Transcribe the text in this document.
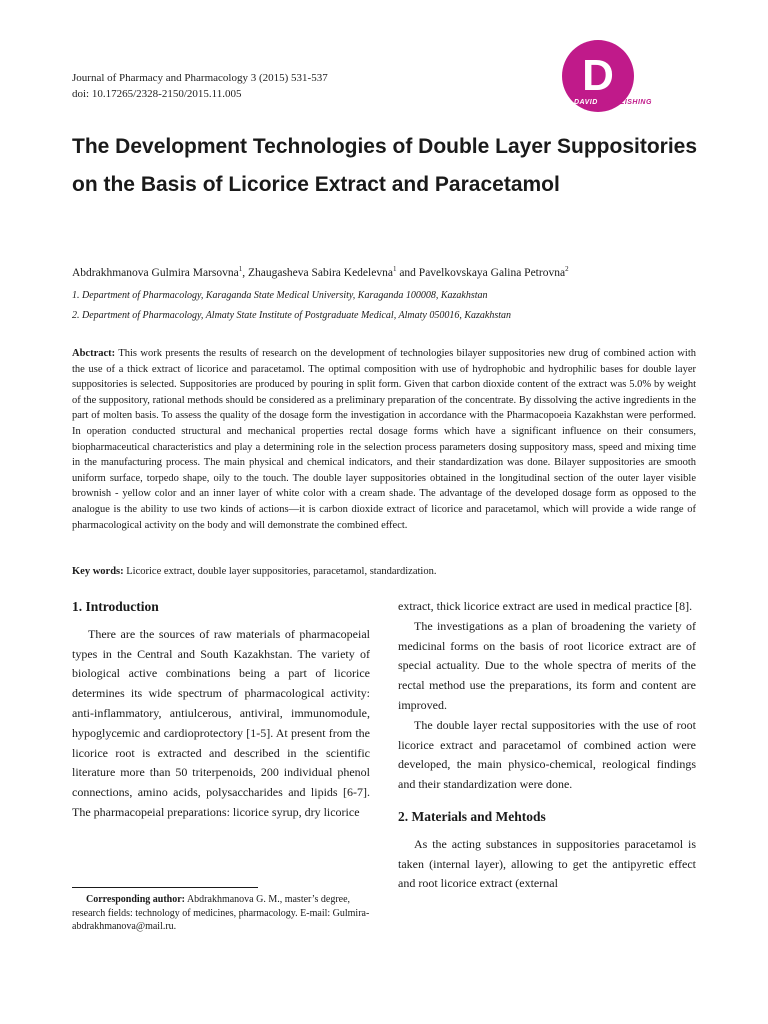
Journal of Pharmacy and Pharmacology 3 (2015) 531-537
doi: 10.17265/2328-2150/2015.11.005	D
DAVID PUBLISHING
The Development Technologies of Double Layer Suppositories on the Basis of Licorice Extract and Paracetamol
Abdrakhmanova Gulmira Marsovna$^1$, Zhaugasheva Sabira Kedelevna$^1$ and Pavelkovskaya Galina Petrovna$^2$
1. Department of Pharmacology, Karaganda State Medical University, Karaganda 100008, Kazakhstan
2. Department of Pharmacology, Almaty State Institute of Postgraduate Medical, Almaty 050016, Kazakhstan

Abctract: This work presents the results of research on the development of technologies bilayer suppositories new drug of combined action with the use of a thick extract of licorice and paracetamol. The optimal composition with use of hydrophobic and hydrophilic bases for double layer suppositories is selected. Suppositories are produced by pouring in split form. Given that carbon dioxide content of the extract was 5.0% by weight of the suppository, rational methods should be considered as a preliminary preparation of the concentrate. By dissolving the active ingredients in the part of molten basis. To assess the quality of the dosage form the investigation in accordance with the Pharmacopoeia Kazakhstan were performed. In operation conducted structural and mechanical properties rectal dosage forms which have a significant influence on their consumers, biopharmaceutical characteristics and play a determining role in the selection process parameters dosing suppository mass, speed and mixing time in the manufacturing process. The main physical and chemical indicators, and their standardization was done. Bilayer suppositories are smooth uniform surface, torpedo shape, oily to the touch. The double layer suppositories obtained in the longitudinal section of the outer layer visible brownish - yellow color and an inner layer of white color with a cream shade. The advantage of the developed dosage form as opposed to the analogue is the ability to use two kinds of actions—it is carbon dioxide extract of licorice and paracetamol, which will provide a wide range of pharmacological activity on the body and will demonstrate the combined effect.

Key words: Licorice extract, double layer suppositories, paracetamol, standardization.
1. Introduction

There are the sources of raw materials of pharmacopeial types in the Central and South Kazakhstan. The variety of biological active combinations being a part of licorice determines its wide spectrum of pharmacological activity: anti-inflammatory, antiulcerous, antiviral, immunomodule, hypoglycemic and cardioprotectory [1-5]. At present from the licorice root is extracted and described in the scientific literature more than 50 triterpenoids, 200 individual phenol connections, amino acids, polysaccharides and lipids [6-7]. The pharmacopeial preparations: licorice syrup, dry licorice

Corresponding author: Abdrakhmanova G. M., master’s degree, research fields: technology of medicines, pharmacology. E-mail: Gulmira-abdrakhmanova@mail.ru.

extract, thick licorice extract are used in medical practice [8].

The investigations as a plan of broadening the variety of medicinal forms on the basis of root licorice extract are of special actuality. Due to the whole spectra of merits of the rectal method use the preparations, its form and content are improved.

The double layer rectal suppositories with the use of root licorice extract and paracetamol of combined action were developed, the main physico-chemical, reological findings and their standardization were done.

2. Materials and Mehtods

As the acting substances in suppositories paracetamol is taken (internal layer), allowing to get the antipyretic effect and root licorice extract (external
